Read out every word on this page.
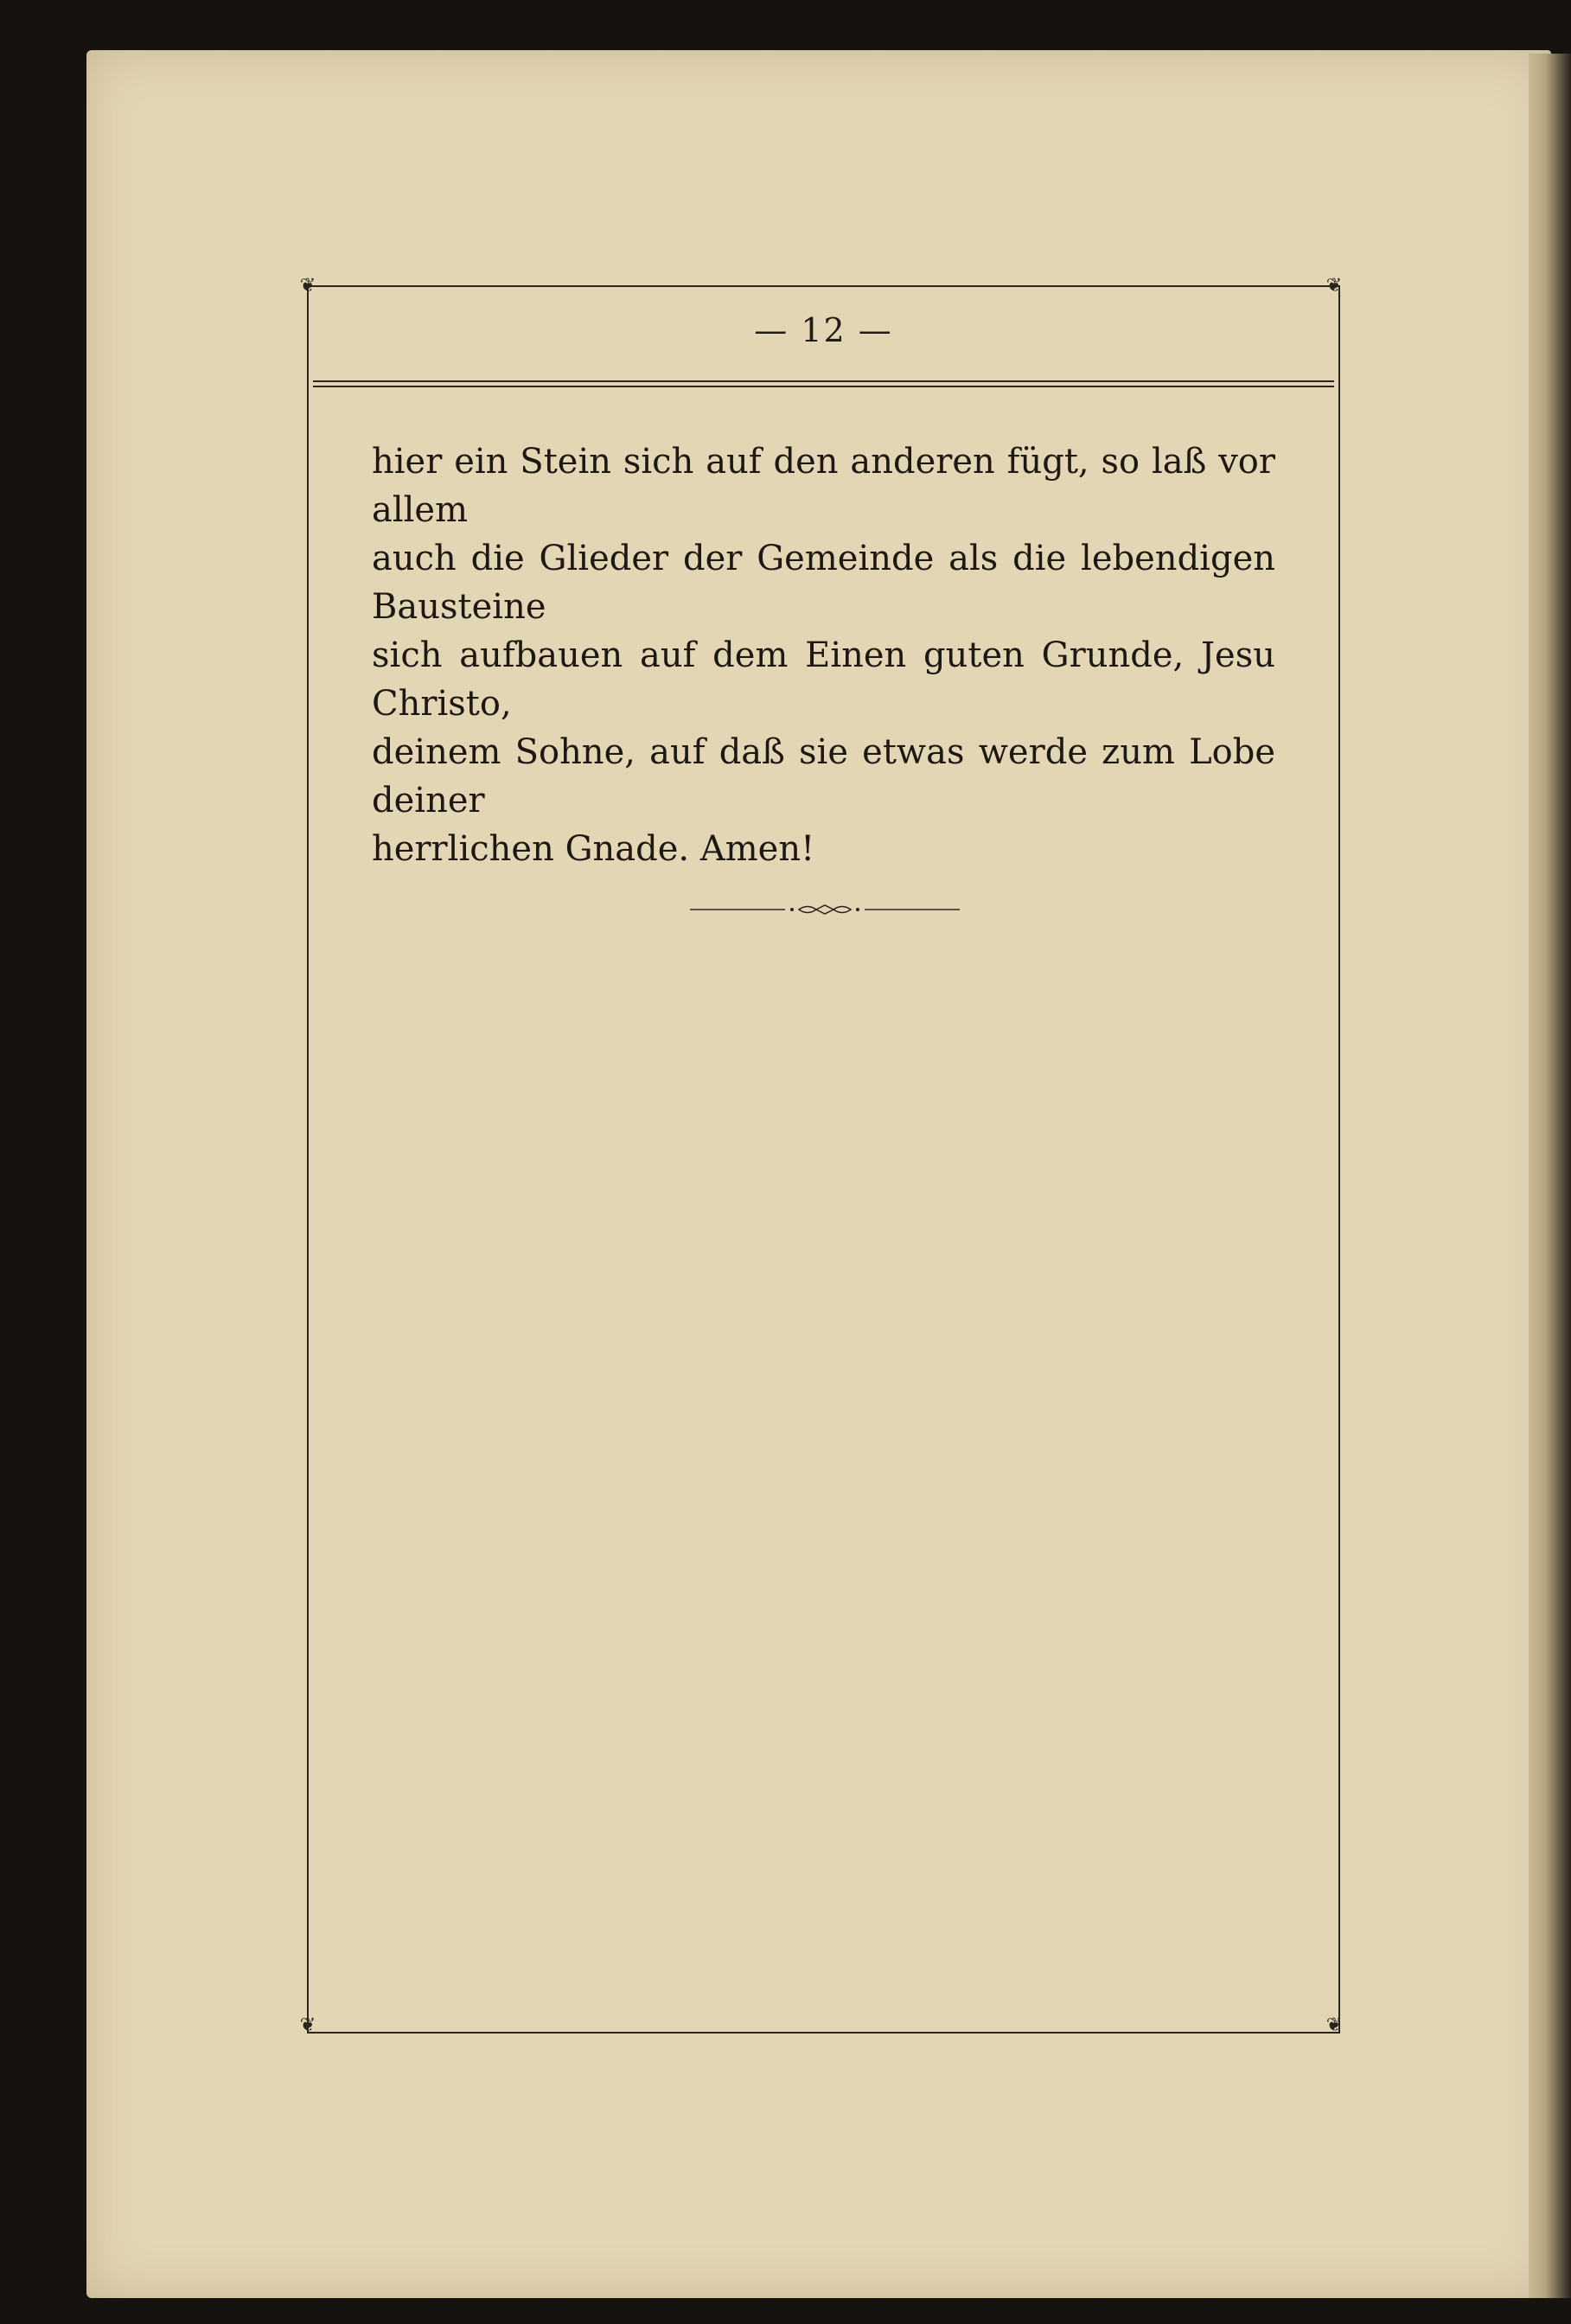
❦	❦
❦	❦
— 12 —
hier ein Stein sich auf den anderen fügt, so laß vor allem
auch die Glieder der Gemeinde als die lebendigen Bausteine
sich aufbauen auf dem Einen guten Grunde, Jesu Christo,
deinem Sohne, auf daß sie etwas werde zum Lobe deiner
herrlichen Gnade. Amen!
